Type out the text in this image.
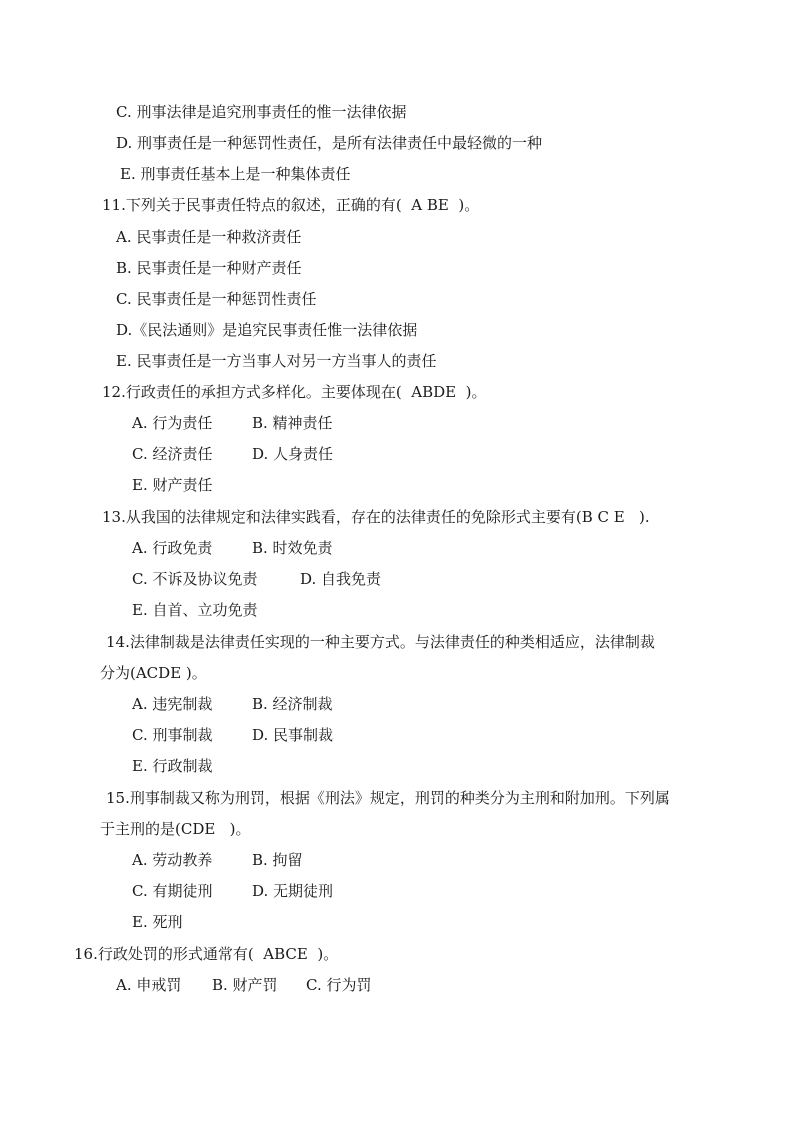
C. 刑事法律是追究刑事责任的惟一法律依据
D. 刑事责任是一种惩罚性责任，是所有法律责任中最轻微的一种
E. 刑事责任基本上是一种集体责任
11.下列关于民事责任特点的叙述，正确的有(  A BE  )。
A. 民事责任是一种救济责任
B. 民事责任是一种财产责任
C. 民事责任是一种惩罚性责任
D.《民法通则》是追究民事责任惟一法律依据
E. 民事责任是一方当事人对另一方当事人的责任
12.行政责任的承担方式多样化。主要体现在(  ABDE  )。
A. 行为责任	B. 精神责任
C. 经济责任	D. 人身责任
E. 财产责任
13.从我国的法律规定和法律实践看，存在的法律责任的免除形式主要有(B C E   ).
A. 行政免责	B. 时效免责
C. 不诉及协议免责	D. 自我免责
E. 自首、立功免责
14.法律制裁是法律责任实现的一种主要方式。与法律责任的种类相适应，法律制裁
分为(ACDE )。
A. 违宪制裁	B. 经济制裁
C. 刑事制裁	D. 民事制裁
E. 行政制裁
15.刑事制裁又称为刑罚，根据《刑法》规定，刑罚的种类分为主刑和附加刑。下列属
于主刑的是(CDE   )。
A. 劳动教养	B. 拘留
C. 有期徒刑	D. 无期徒刑
E. 死刑
16.行政处罚的形式通常有(  ABCE  )。
A. 申戒罚 B. 财产罚 C. 行为罚
